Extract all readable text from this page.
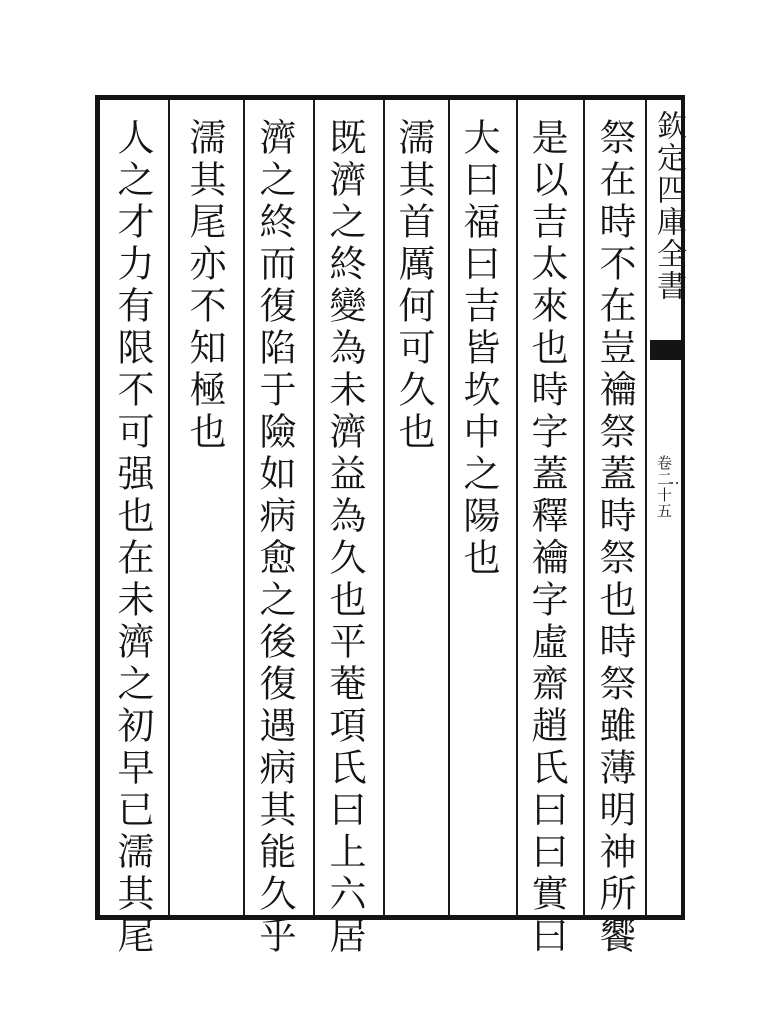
欽定四庫全書
卷二十五
…
祭在時不在豈禴祭蓋時祭也時祭雖薄明神所饗
是以吉太來也時字蓋釋禴字虛齋趙氏曰曰實曰
大曰福曰吉皆坎中之陽也
濡其首厲何可久也
既濟之終變為未濟益為久也平菴項氏曰上六居
濟之終而復陷于險如病愈之後復遇病其能久乎
濡其尾亦不知極也
人之才力有限不可强也在未濟之初早已濡其尾
